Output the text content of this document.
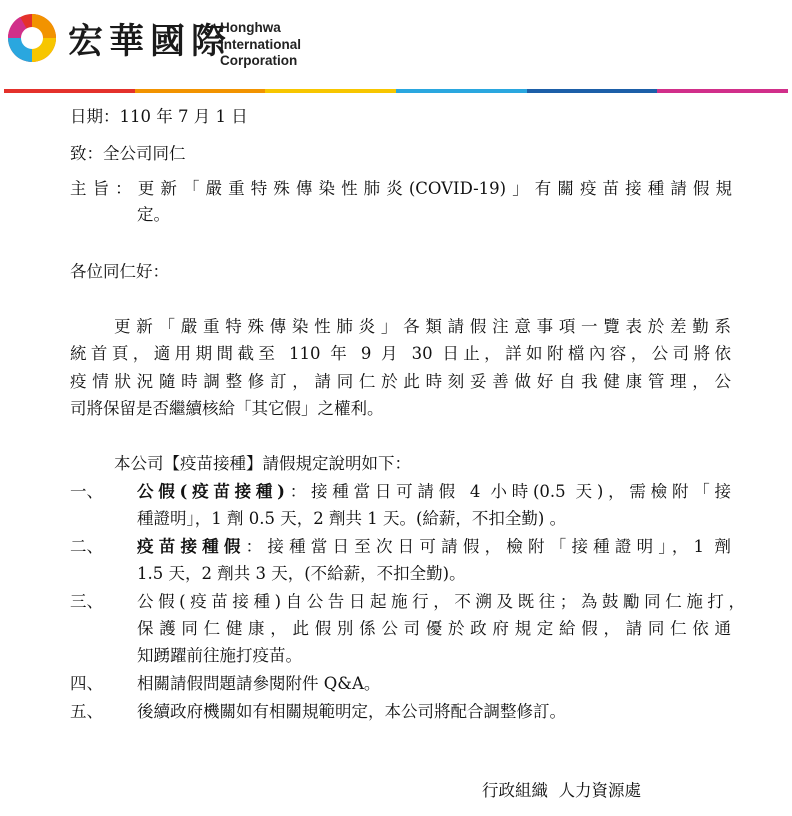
宏華國際
Honghwa
International
Corporation
日期：110 年 7 月 1 日
致：全公司同仁
主旨：更新「嚴重特殊傳染性肺炎(COVID-19)」有關疫苗接種請假規
定。
各位同仁好：
更新「嚴重特殊傳染性肺炎」各類請假注意事項一覽表於差勤系
統首頁，適用期間截至 110 年 9 月 30 日止，詳如附檔內容，公司將依
疫情狀況隨時調整修訂，請同仁於此時刻妥善做好自我健康管理，公
司將保留是否繼續核給「其它假」之權利。
本公司【疫苗接種】請假規定說明如下：
一、 公假(疫苗接種)：接種當日可請假 4 小時(0.5 天)，需檢附「接
種證明」，1 劑 0.5 天，2 劑共 1 天。(給薪，不扣全勤) 。
二、 疫苗接種假：接種當日至次日可請假，檢附「接種證明」，1 劑
1.5 天，2 劑共 3 天，(不給薪，不扣全勤)。
三、 公假(疫苗接種)自公告日起施行，不溯及既往；為鼓勵同仁施打，
保護同仁健康，此假別係公司優於政府規定給假，請同仁依通
知踴躍前往施打疫苗。
四、 相關請假問題請參閱附件 Q&A。
五、 後續政府機關如有相關規範明定，本公司將配合調整修訂。
行政組織  人力資源處
